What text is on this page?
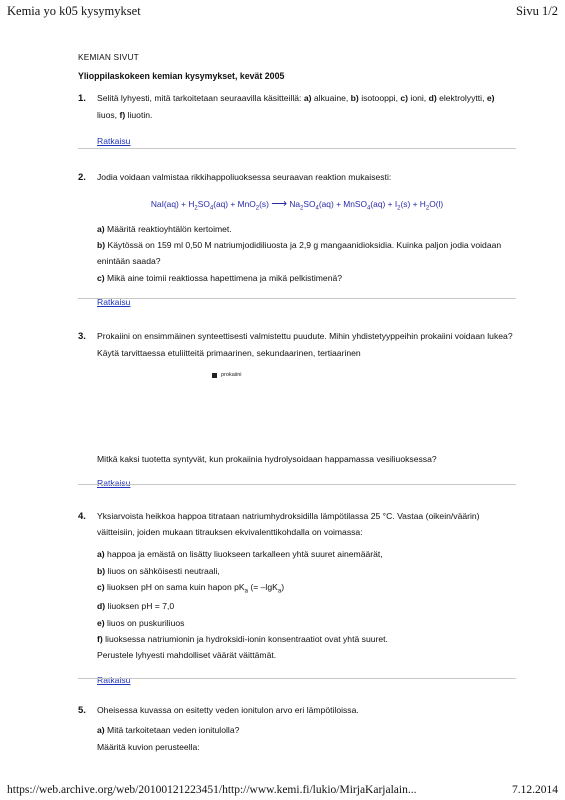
Kemia yo k05 kysymykset	Sivu 1/2
KEMIAN SIVUT
Ylioppilaskokeen kemian kysymykset, kevät 2005
1. Selitä lyhyesti, mitä tarkoitetaan seuraavilla käsitteillä: a) alkuaine, b) isotooppi, c) ioni, d) elektrolyytti, e) liuos, f) liuotin.

Ratkaisu

2. Jodia voidaan valmistaa rikkihappoliuoksessa seuraavan reaktion mukaisesti:

$NaI(aq) + H_2SO_4(aq) + MnO_2(s)$ ⟶ $Na_2SO_4(aq)$ + MnSO$_4$(aq) + $I_2(s) + H_2O(l)$

a) Määritä reaktioyhtälön kertoimet.

b) Käytössä on 159 ml 0,50 M natriumjodidiliuosta ja 2,9 g mangaanidioksidia. Kuinka paljon jodia voidaan enintään saada?

c) Mikä aine toimii reaktiossa hapettimena ja mikä pelkistimenä?

Ratkaisu

3. Prokaiini on ensimmäinen synteettisesti valmistettu puudute. Mihin yhdistetyyppeihin prokaiini voidaan lukea? Käytä tarvittaessa etuliitteitä primaarinen, sekundaarinen, tertiaarinen

prokaiini

Mitkä kaksi tuotetta syntyvät, kun prokaiinia hydrolysoidaan happamassa vesiliuoksessa?

Ratkaisu

4. Yksiarvoista heikkoa happoa titrataan natriumhydroksidilla lämpötilassa 25 °C. Vastaa (oikein/väärin) väitteisiin, joiden mukaan titrauksen ekvivalenttikohdalla on voimassa:

a) happoa ja emästä on lisätty liuokseen tarkalleen yhtä suuret ainemäärät,

b) liuos on sähköisesti neutraali,

c) liuoksen pH on sama kuin hapon $pK_a$ (= –lgK$_a$)

d) liuoksen pH = 7,0

e) liuos on puskuriliuos

f) liuoksessa natriumionin ja hydroksidi-ionin konsentraatiot ovat yhtä suuret.

Perustele lyhyesti mahdolliset väärät väittämät.

Ratkaisu

5. Oheisessa kuvassa on esitetty veden ionitulon arvo eri lämpötiloissa.

a) Mitä tarkoitetaan veden ionitulolla?

Määritä kuvion perusteella:

https://web.archive.org/web/20100121223451/http://www.kemi.fi/lukio/MirjaKarjalain...	7.12.2014
